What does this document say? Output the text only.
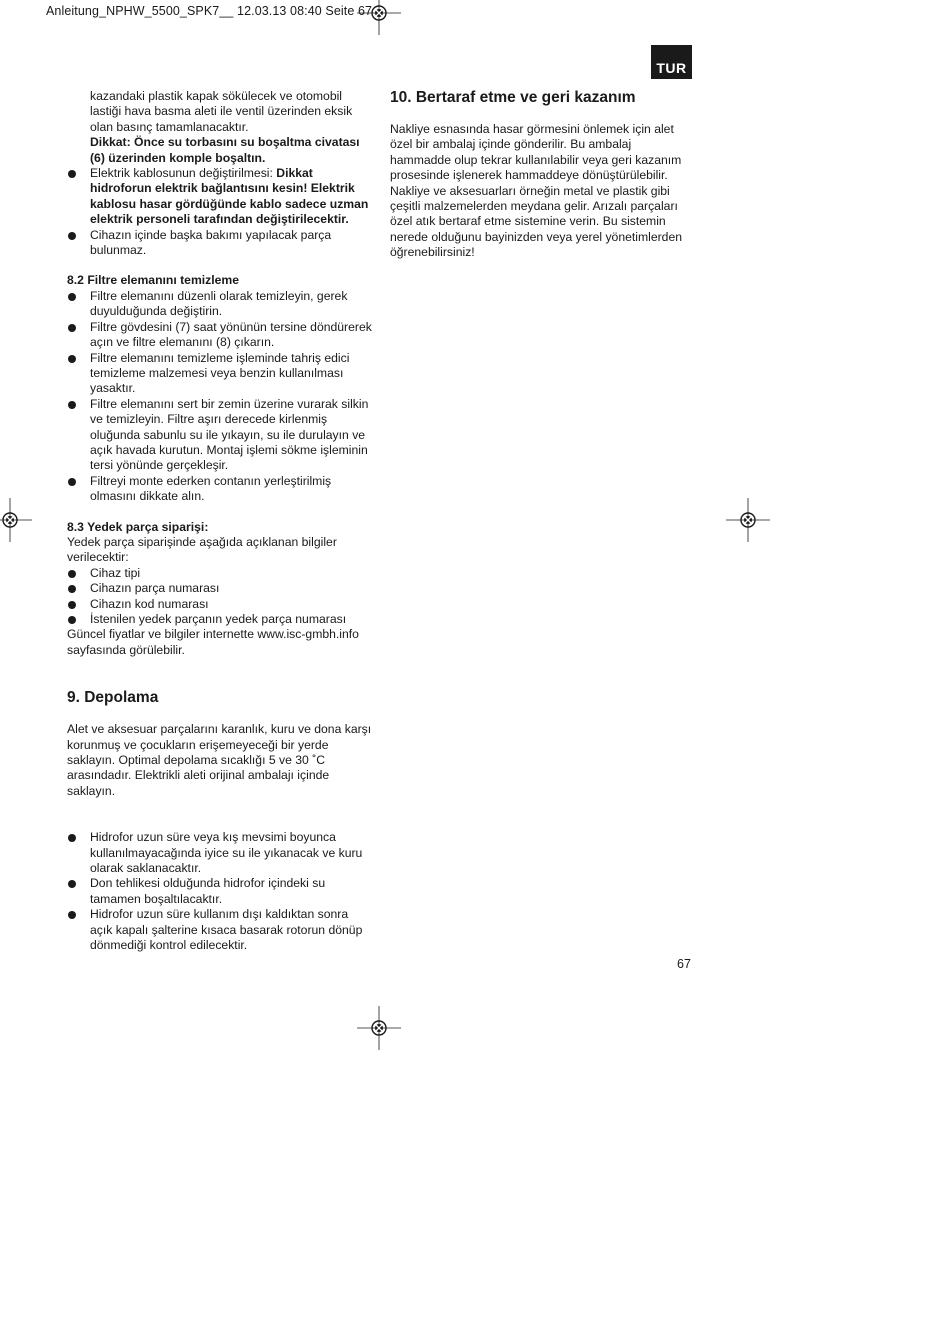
Anleitung_NPHW_5500_SPK7__ 12.03.13 08:40 Seite 67
TUR

kazandaki plastik kapak sökülecek ve otomobil lastiği hava basma aleti ile ventil üzerinden eksik olan basınç tamamlanacaktır.

Dikkat: Önce su torbasını su boşaltma civatası (6) üzerinden komple boşaltın.

Elektrik kablosunun değiştirilmesi: Dikkat hidroforun elektrik bağlantısını kesin! Elektrik kablosu hasar gördüğünde kablo sadece uzman elektrik personeli tarafından değiştirilecektir.

Cihazın içinde başka bakımı yapılacak parça bulunmaz.

8.2 Filtre elemanını temizleme

Filtre elemanını düzenli olarak temizleyin, gerek duyulduğunda değiştirin.

Filtre gövdesini (7) saat yönünün tersine döndürerek açın ve filtre elemanını (8) çıkarın.

Filtre elemanını temizleme işleminde tahriş edici temizleme malzemesi veya benzin kullanılması yasaktır.

Filtre elemanını sert bir zemin üzerine vurarak silkin ve temizleyin. Filtre aşırı derecede kirlenmiş oluğunda sabunlu su ile yıkayın, su ile durulayın ve açık havada kurutun. Montaj işlemi sökme işleminin tersi yönünde gerçekleşir.

Filtreyi monte ederken contanın yerleştirilmiş olmasını dikkate alın.

8.3 Yedek parça siparişi:

Yedek parça siparişinde aşağıda açıklanan bilgiler verilecektir:

Cihaz tipi

Cihazın parça numarası

Cihazın kod numarası

İstenilen yedek parçanın yedek parça numarası

Güncel fiyatlar ve bilgiler internette www.isc-gmbh.info sayfasında görülebilir.

9. Depolama

Alet ve aksesuar parçalarını karanlık, kuru ve dona karşı korunmuş ve çocukların erişemeyeceği bir yerde saklayın. Optimal depolama sıcaklığı 5 ve 30 ˚C arasındadır. Elektrikli aleti orijinal ambalajı içinde saklayın.

Hidrofor uzun süre veya kış mevsimi boyunca kullanılmayacağında iyice su ile yıkanacak ve kuru olarak saklanacaktır.

Don tehlikesi olduğunda hidrofor içindeki su tamamen boşaltılacaktır.

Hidrofor uzun süre kullanım dışı kaldıktan sonra açık kapalı şalterine kısaca basarak rotorun dönüp dönmediği kontrol edilecektir.

10. Bertaraf etme ve geri kazanım

Nakliye esnasında hasar görmesini önlemek için alet özel bir ambalaj içinde gönderilir. Bu ambalaj hammadde olup tekrar kullanılabilir veya geri kazanım prosesinde işlenerek hammaddeye dönüştürülebilir.

Nakliye ve aksesuarları örneğin metal ve plastik gibi çeşitli malzemelerden meydana gelir. Arızalı parçaları özel atık bertaraf etme sistemine verin. Bu sistemin nerede olduğunu bayinizden veya yerel yönetimlerden öğrenebilirsiniz!

67
